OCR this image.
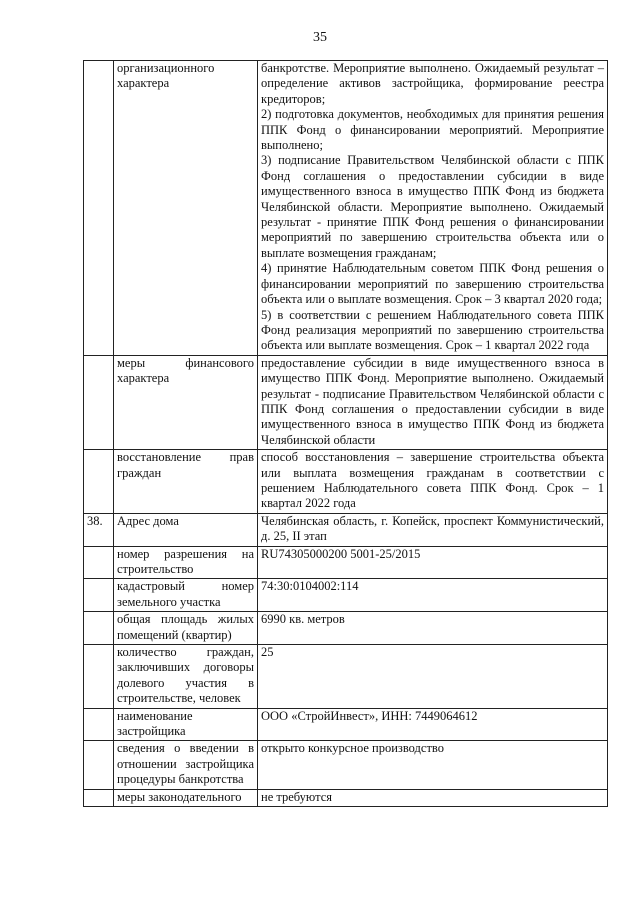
35
	организационного характера	банкротстве. Мероприятие выполнено. Ожидаемый результат – определение активов застройщика, формирование реестра кредиторов;
2) подготовка документов, необходимых для принятия решения ППК Фонд о финансировании мероприятий. Мероприятие выполнено;
3) подписание Правительством Челябинской области с ППК Фонд соглашения о предоставлении субсидии в виде имущественного взноса в имущество ППК Фонд из бюджета Челябинской области. Мероприятие выполнено. Ожидаемый результат - принятие ППК Фонд решения о финансировании мероприятий по завершению строительства объекта или о выплате возмещения гражданам;
4) принятие Наблюдательным советом ППК Фонд решения о финансировании мероприятий по завершению строительства объекта или о выплате возмещения. Срок – 3 квартал 2020 года;
5) в соответствии с решением Наблюдательного совета ППК Фонд реализация мероприятий по завершению строительства объекта или выплате возмещения. Срок – 1 квартал 2022 года

	меры финансового характера	предоставление субсидии в виде имущественного взноса в имущество ППК Фонд. Мероприятие выполнено. Ожидаемый результат - подписание Правительством Челябинской области с ППК Фонд соглашения о предоставлении субсидии в виде имущественного взноса в имущество ППК Фонд из бюджета Челябинской области
	восстановление прав граждан	способ восстановления – завершение строительства объекта или выплата возмещения гражданам в соответствии с решением Наблюдательного совета ППК Фонд. Срок – 1 квартал 2022 года
38.	Адрес дома	Челябинская область, г. Копейск, проспект Коммунистический, д. 25, II этап
	номер разрешения на строительство	RU74305000200 5001-25/2015
	кадастровый номер земельного участка	74:30:0104002:114
	общая площадь жилых помещений (квартир)	6990 кв. метров
	количество граждан, заключивших договоры долевого участия в строительстве, человек	25
	наименование застройщика	ООО «СтройИнвест», ИНН: 7449064612
	сведения о введении в отношении застройщика процедуры банкротства	открыто конкурсное производство
	меры законодательного	не требуются
